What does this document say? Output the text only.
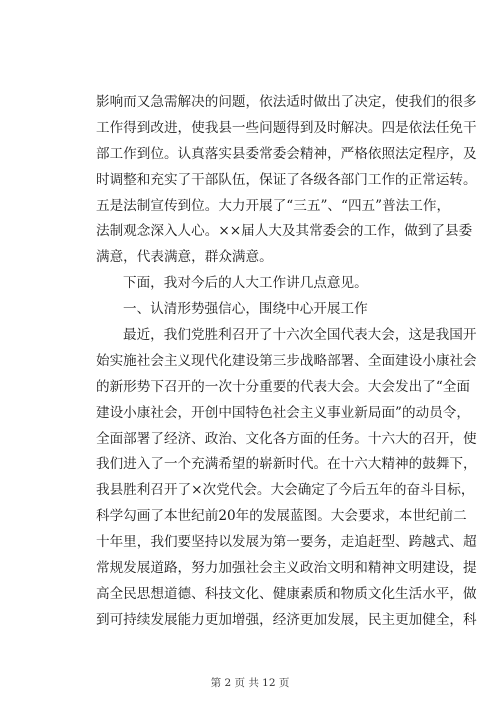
影响而又急需解决的问题，依法适时做出了决定，使我们的很多
工作得到改进，使我县一些问题得到及时解决。四是依法任免干
部工作到位。认真落实县委常委会精神，严格依照法定程序，及
时调整和充实了干部队伍，保证了各级各部门工作的正常运转。
五是法制宣传到位。大力开展了“三五”、“四五”普法工作，
法制观念深入人心。××届人大及其常委会的工作，做到了县委
满意，代表满意，群众满意。
下面，我对今后的人大工作讲几点意见。
一、认清形势强信心，围绕中心开展工作
最近，我们党胜利召开了十六次全国代表大会，这是我国开
始实施社会主义现代化建设第三步战略部署、全面建设小康社会
的新形势下召开的一次十分重要的代表大会。大会发出了“全面
建设小康社会，开创中国特色社会主义事业新局面”的动员令，
全面部署了经济、政治、文化各方面的任务。十六大的召开，使
我们进入了一个充满希望的崭新时代。在十六大精神的鼓舞下，
我县胜利召开了×次党代会。大会确定了今后五年的奋斗目标，
科学勾画了本世纪前20年的发展蓝图。大会要求，本世纪前二
十年里，我们要坚持以发展为第一要务，走追赶型、跨越式、超
常规发展道路，努力加强社会主义政治文明和精神文明建设，提
高全民思想道德、科技文化、健康素质和物质文化生活水平，做
到可持续发展能力更加增强，经济更加发展，民主更加健全，科
第 2 页 共 12 页
